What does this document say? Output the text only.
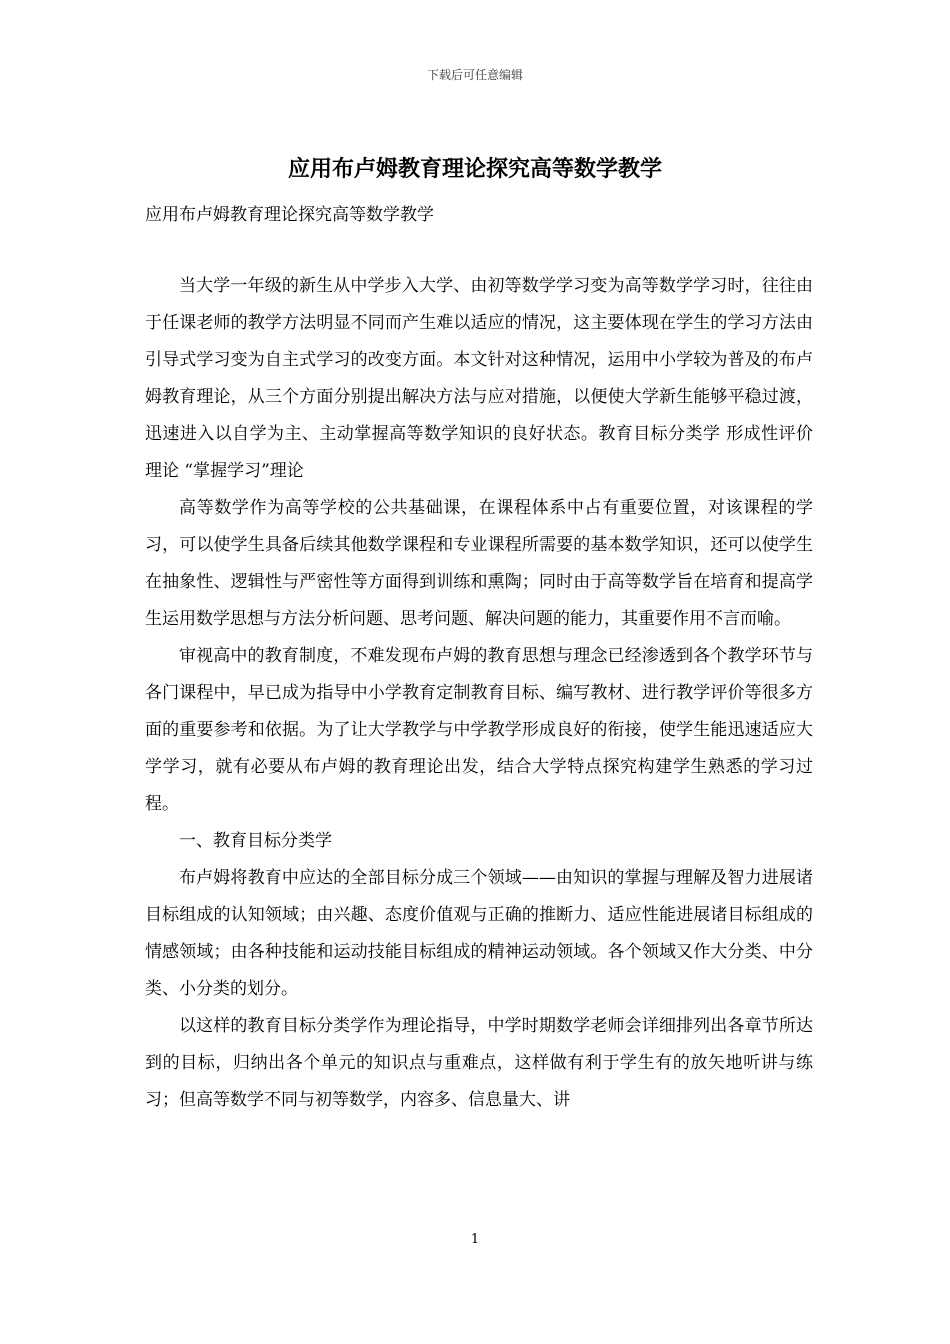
下载后可任意编辑
应用布卢姆教育理论探究高等数学教学
应用布卢姆教育理论探究高等数学教学

当大学一年级的新生从中学步入大学、由初等数学学习变为高等数学学习时，往往由于任课老师的教学方法明显不同而产生难以适应的情况，这主要体现在学生的学习方法由引导式学习变为自主式学习的改变方面。本文针对这种情况，运用中小学较为普及的布卢姆教育理论，从三个方面分别提出解决方法与应对措施，以便使大学新生能够平稳过渡，迅速进入以自学为主、主动掌握高等数学知识的良好状态。教育目标分类学 形成性评价理论 “掌握学习”理论

高等数学作为高等学校的公共基础课，在课程体系中占有重要位置，对该课程的学习，可以使学生具备后续其他数学课程和专业课程所需要的基本数学知识，还可以使学生在抽象性、逻辑性与严密性等方面得到训练和熏陶；同时由于高等数学旨在培育和提高学生运用数学思想与方法分析问题、思考问题、解决问题的能力，其重要作用不言而喻。

审视高中的教育制度，不难发现布卢姆的教育思想与理念已经渗透到各个教学环节与各门课程中，早已成为指导中小学教育定制教育目标、编写教材、进行教学评价等很多方面的重要参考和依据。为了让大学教学与中学教学形成良好的衔接，使学生能迅速适应大学学习，就有必要从布卢姆的教育理论出发，结合大学特点探究构建学生熟悉的学习过程。

一、教育目标分类学

布卢姆将教育中应达的全部目标分成三个领域——由知识的掌握与理解及智力进展诸目标组成的认知领域；由兴趣、态度价值观与正确的推断力、适应性能进展诸目标组成的情感领域；由各种技能和运动技能目标组成的精神运动领域。各个领域又作大分类、中分类、小分类的划分。

以这样的教育目标分类学作为理论指导，中学时期数学老师会详细排列出各章节所达到的目标，归纳出各个单元的知识点与重难点，这样做有利于学生有的放矢地听讲与练习；但高等数学不同与初等数学，内容多、信息量大、讲

1
